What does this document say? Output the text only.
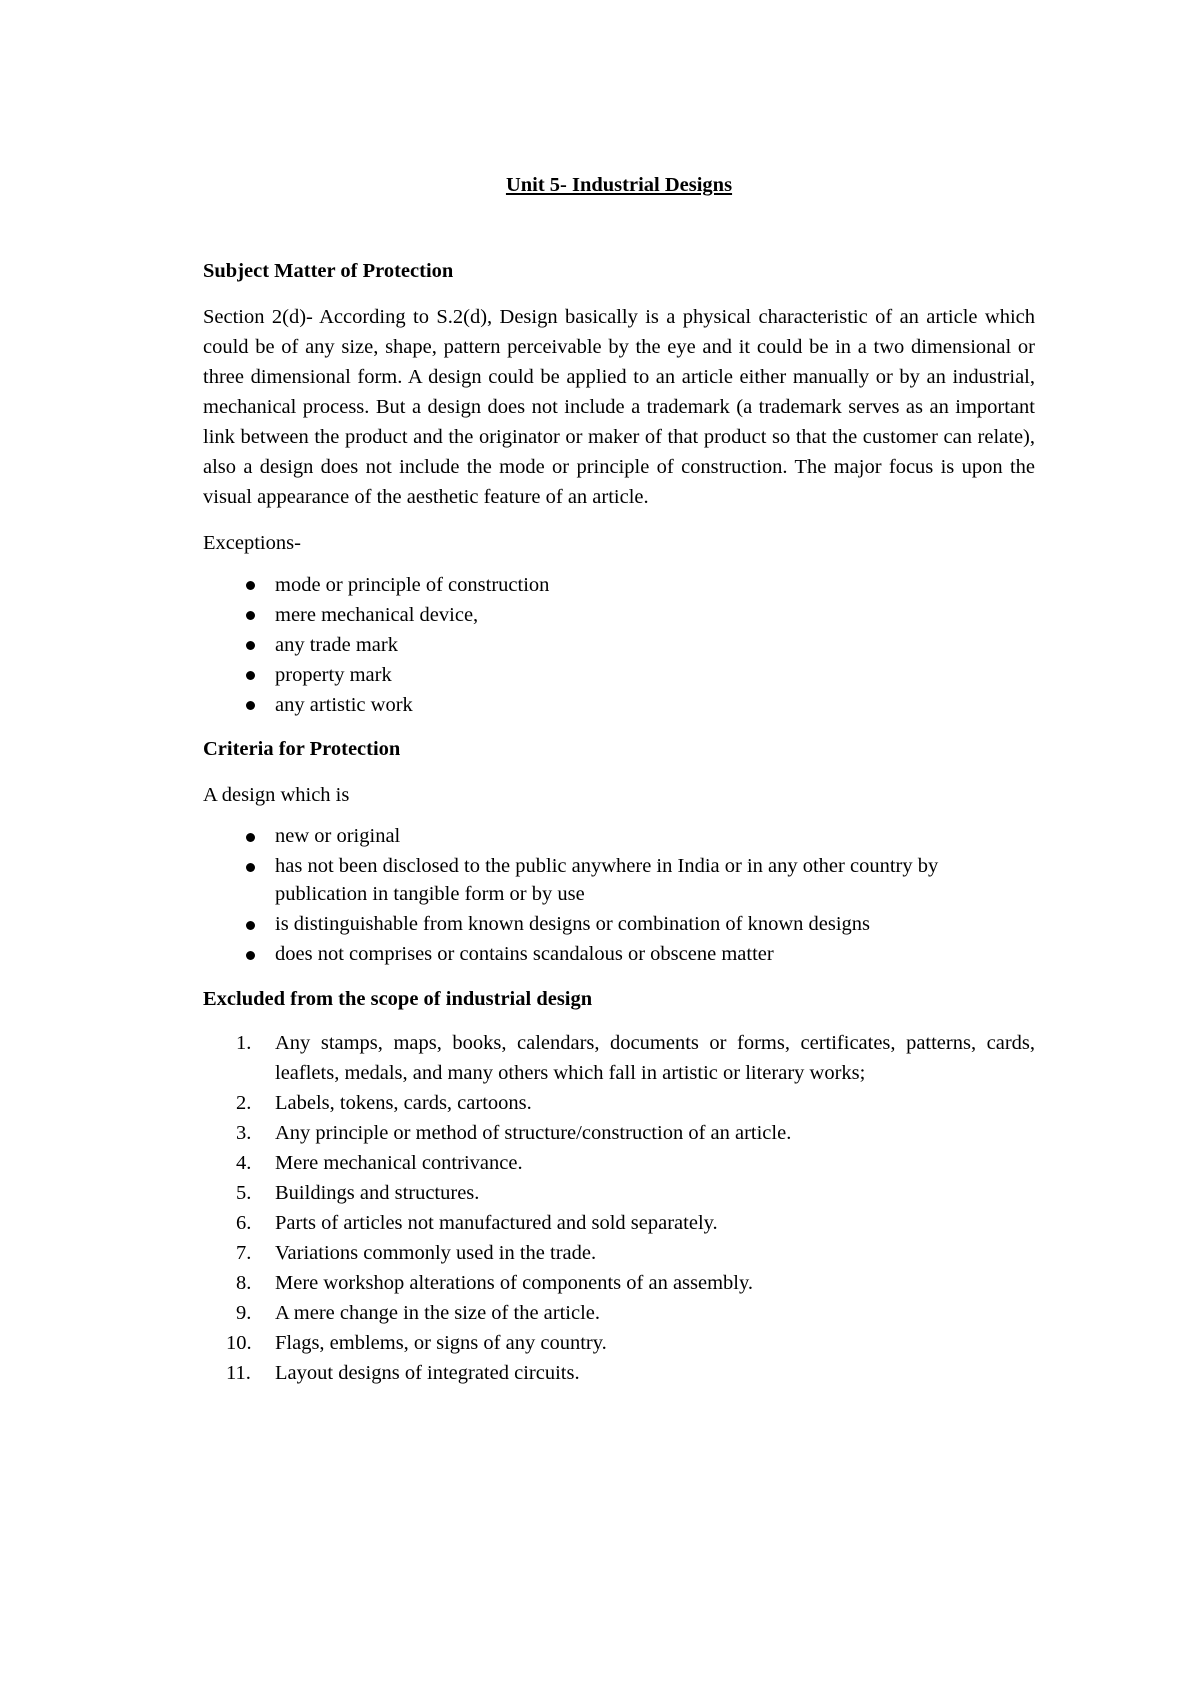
Unit 5- Industrial Designs
Subject Matter of Protection

Section 2(d)- According to S.2(d), Design basically is a physical characteristic of an article which could be of any size, shape, pattern perceivable by the eye and it could be in a two dimensional or three dimensional form. A design could be applied to an article either manually or by an industrial, mechanical process. But a design does not include a trademark (a trademark serves as an important link between the product and the originator or maker of that product so that the customer can relate), also a design does not include the mode or principle of construction. The major focus is upon the visual appearance of the aesthetic feature of an article.

Exceptions-

mode or principle of construction
mere mechanical device,
any trade mark
property mark
any artistic work
Criteria for Protection

A design which is

new or original
has not been disclosed to the public anywhere in India or in any other country by publication in tangible form or by use
is distinguishable from known designs or combination of known designs
does not comprises or contains scandalous or obscene matter
Excluded from the scope of industrial design
1.	Any stamps, maps, books, calendars, documents or forms, certificates, patterns, cards, leaflets, medals, and many others which fall in artistic or literary works;
2.	Labels, tokens, cards, cartoons.
3.	Any principle or method of structure/construction of an article.
4.	Mere mechanical contrivance.
5.	Buildings and structures.
6.	Parts of articles not manufactured and sold separately.
7.	Variations commonly used in the trade.
8.	Mere workshop alterations of components of an assembly.
9.	A mere change in the size of the article.
10.	Flags, emblems, or signs of any country.
11.	Layout designs of integrated circuits.
